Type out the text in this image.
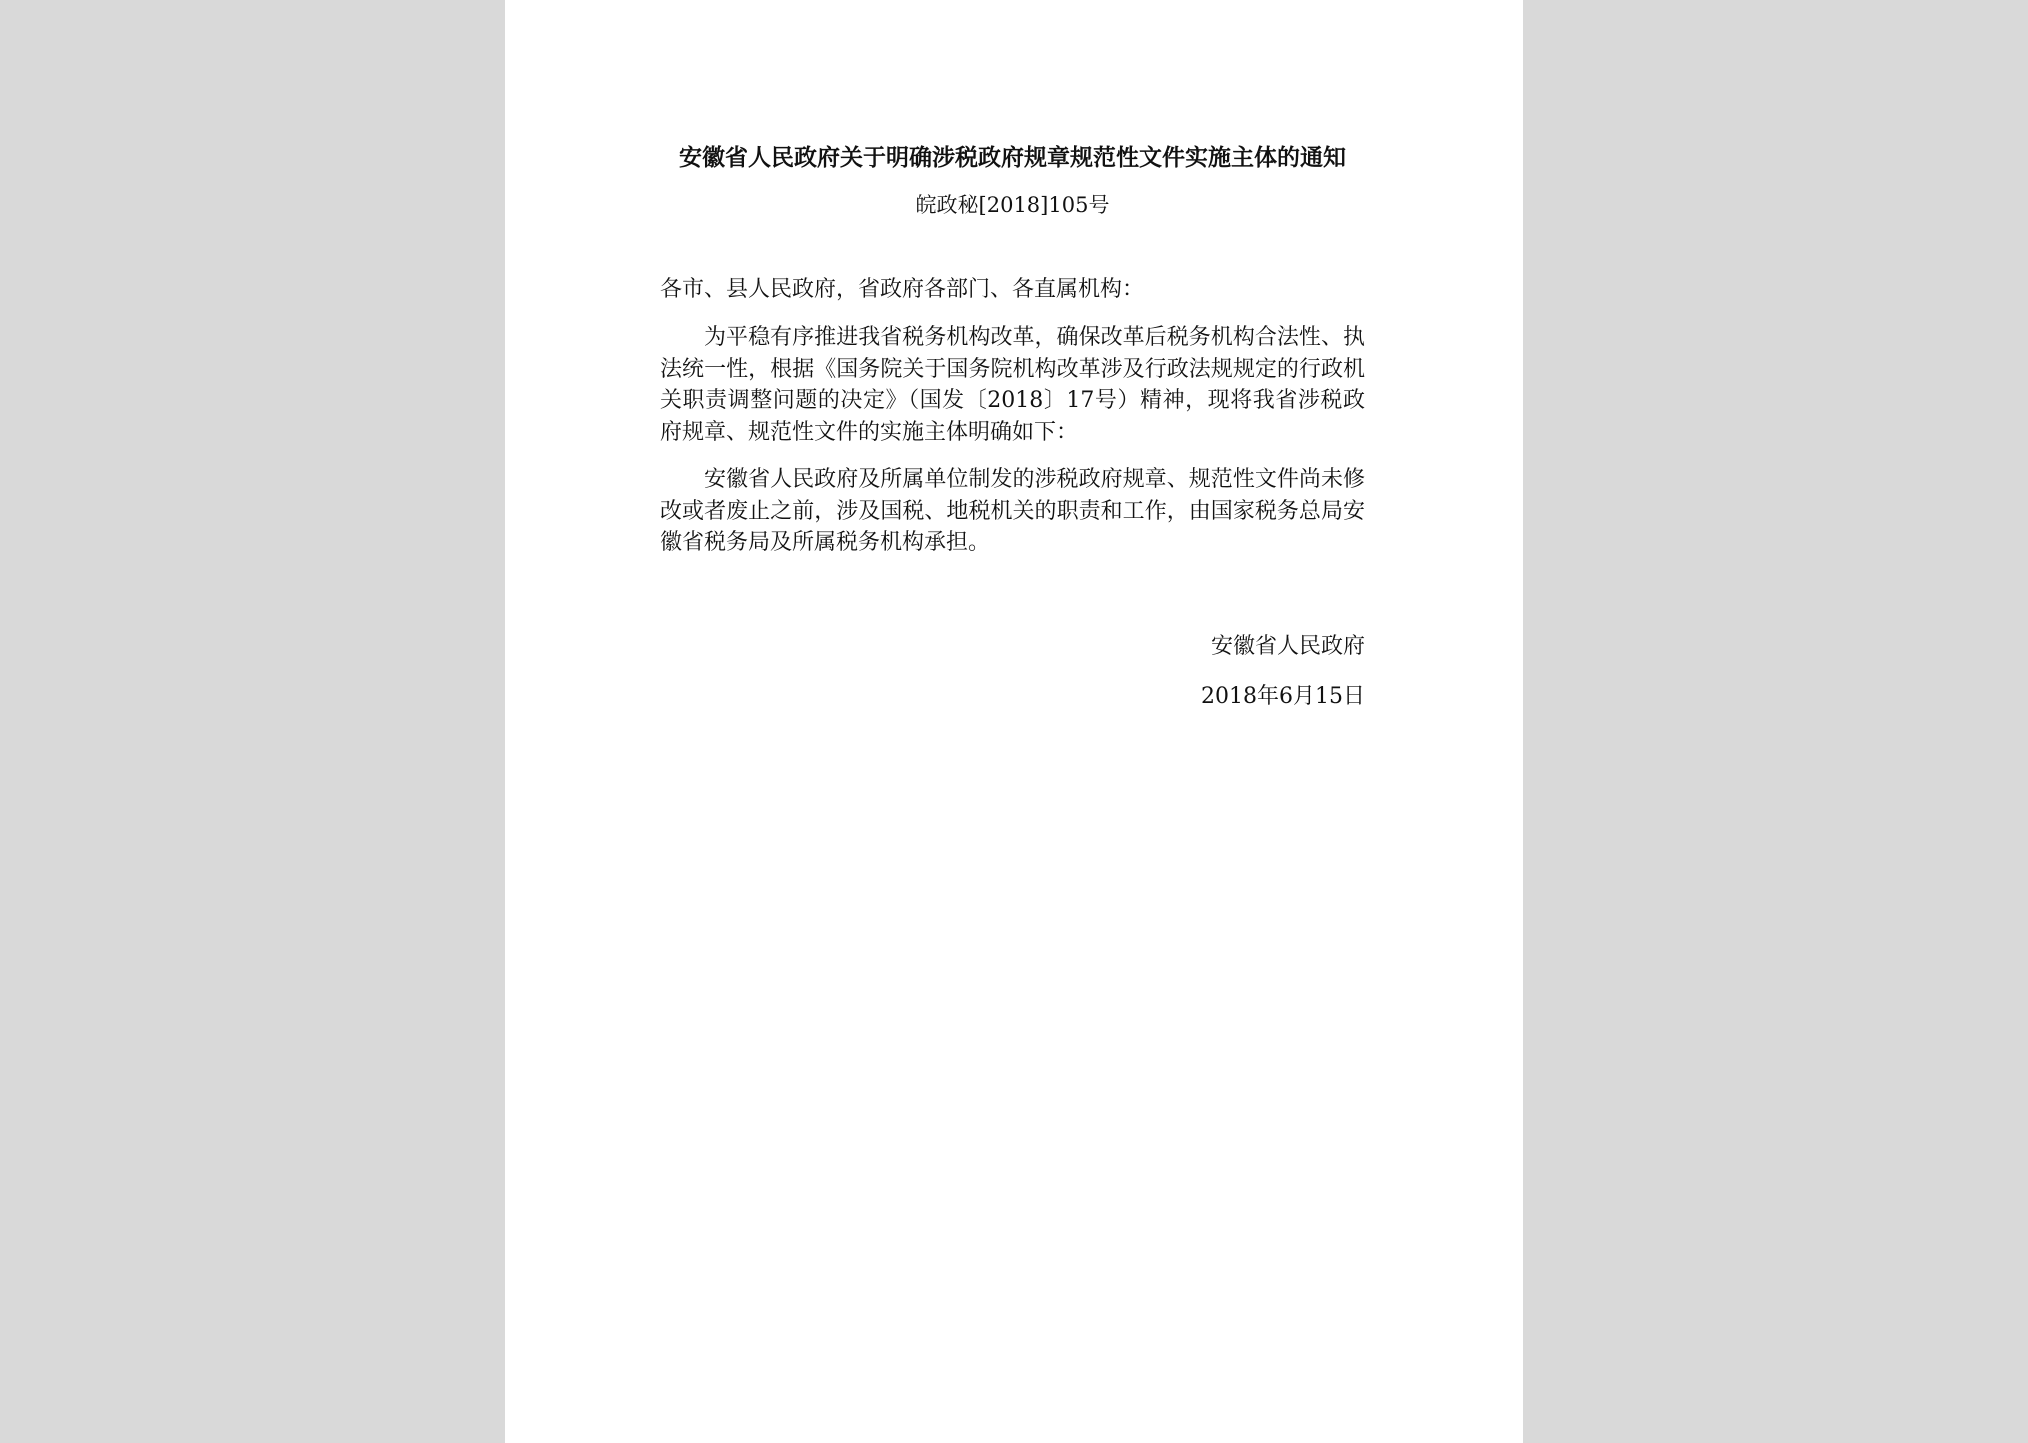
安徽省人民政府关于明确涉税政府规章规范性文件实施主体的通知
皖政秘[2018]105号
各市、县人民政府，省政府各部门、各直属机构：
为平稳有序推进我省税务机构改革，确保改革后税务机构合法性、执法统一性，根据《国务院关于国务院机构改革涉及行政法规规定的行政机关职责调整问题的决定》（国发〔2018〕17号）精神，现将我省涉税政府规章、规范性文件的实施主体明确如下：
安徽省人民政府及所属单位制发的涉税政府规章、规范性文件尚未修改或者废止之前，涉及国税、地税机关的职责和工作，由国家税务总局安徽省税务局及所属税务机构承担。
安徽省人民政府
2018年6月15日
